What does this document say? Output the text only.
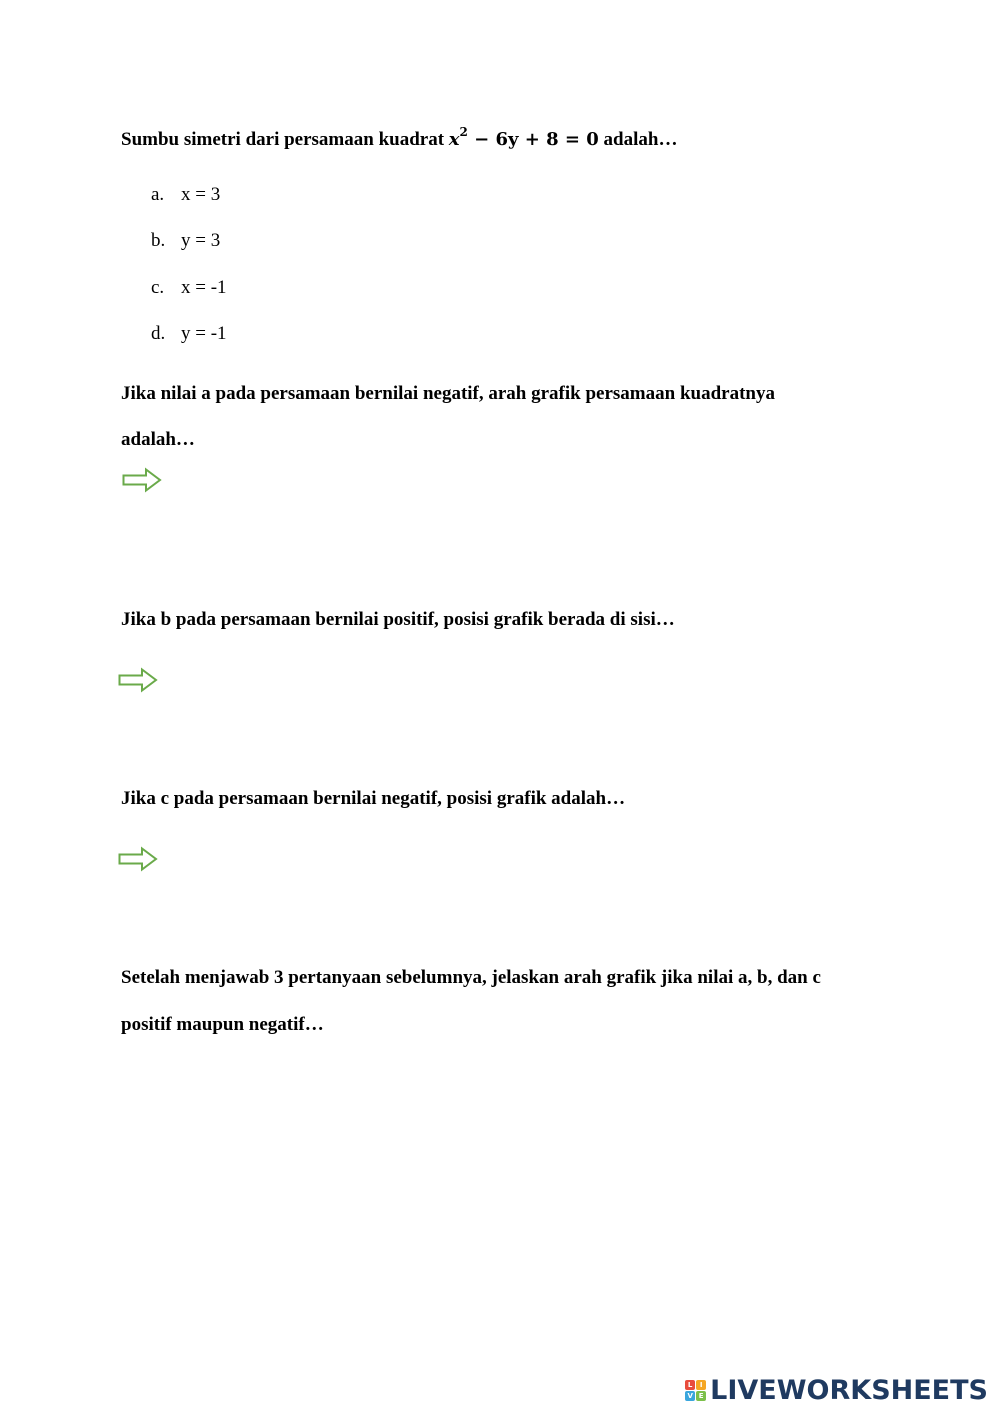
Sumbu simetri dari persamaan kuadrat $x^2 - 6y + 8 = 0$ adalah…
a. x = 3
b. y = 3
c. x = -1
d. y = -1
Jika nilai a pada persamaan bernilai negatif, arah grafik persamaan kuadratnya
adalah…
Jika b pada persamaan bernilai positif, posisi grafik berada di sisi…
Jika c pada persamaan bernilai negatif, posisi grafik adalah…
Setelah menjawab 3 pertanyaan sebelumnya, jelaskan arah grafik jika nilai a, b, dan c
positif maupun negatif…
L	I
V E LIVEWORKSHEETS
